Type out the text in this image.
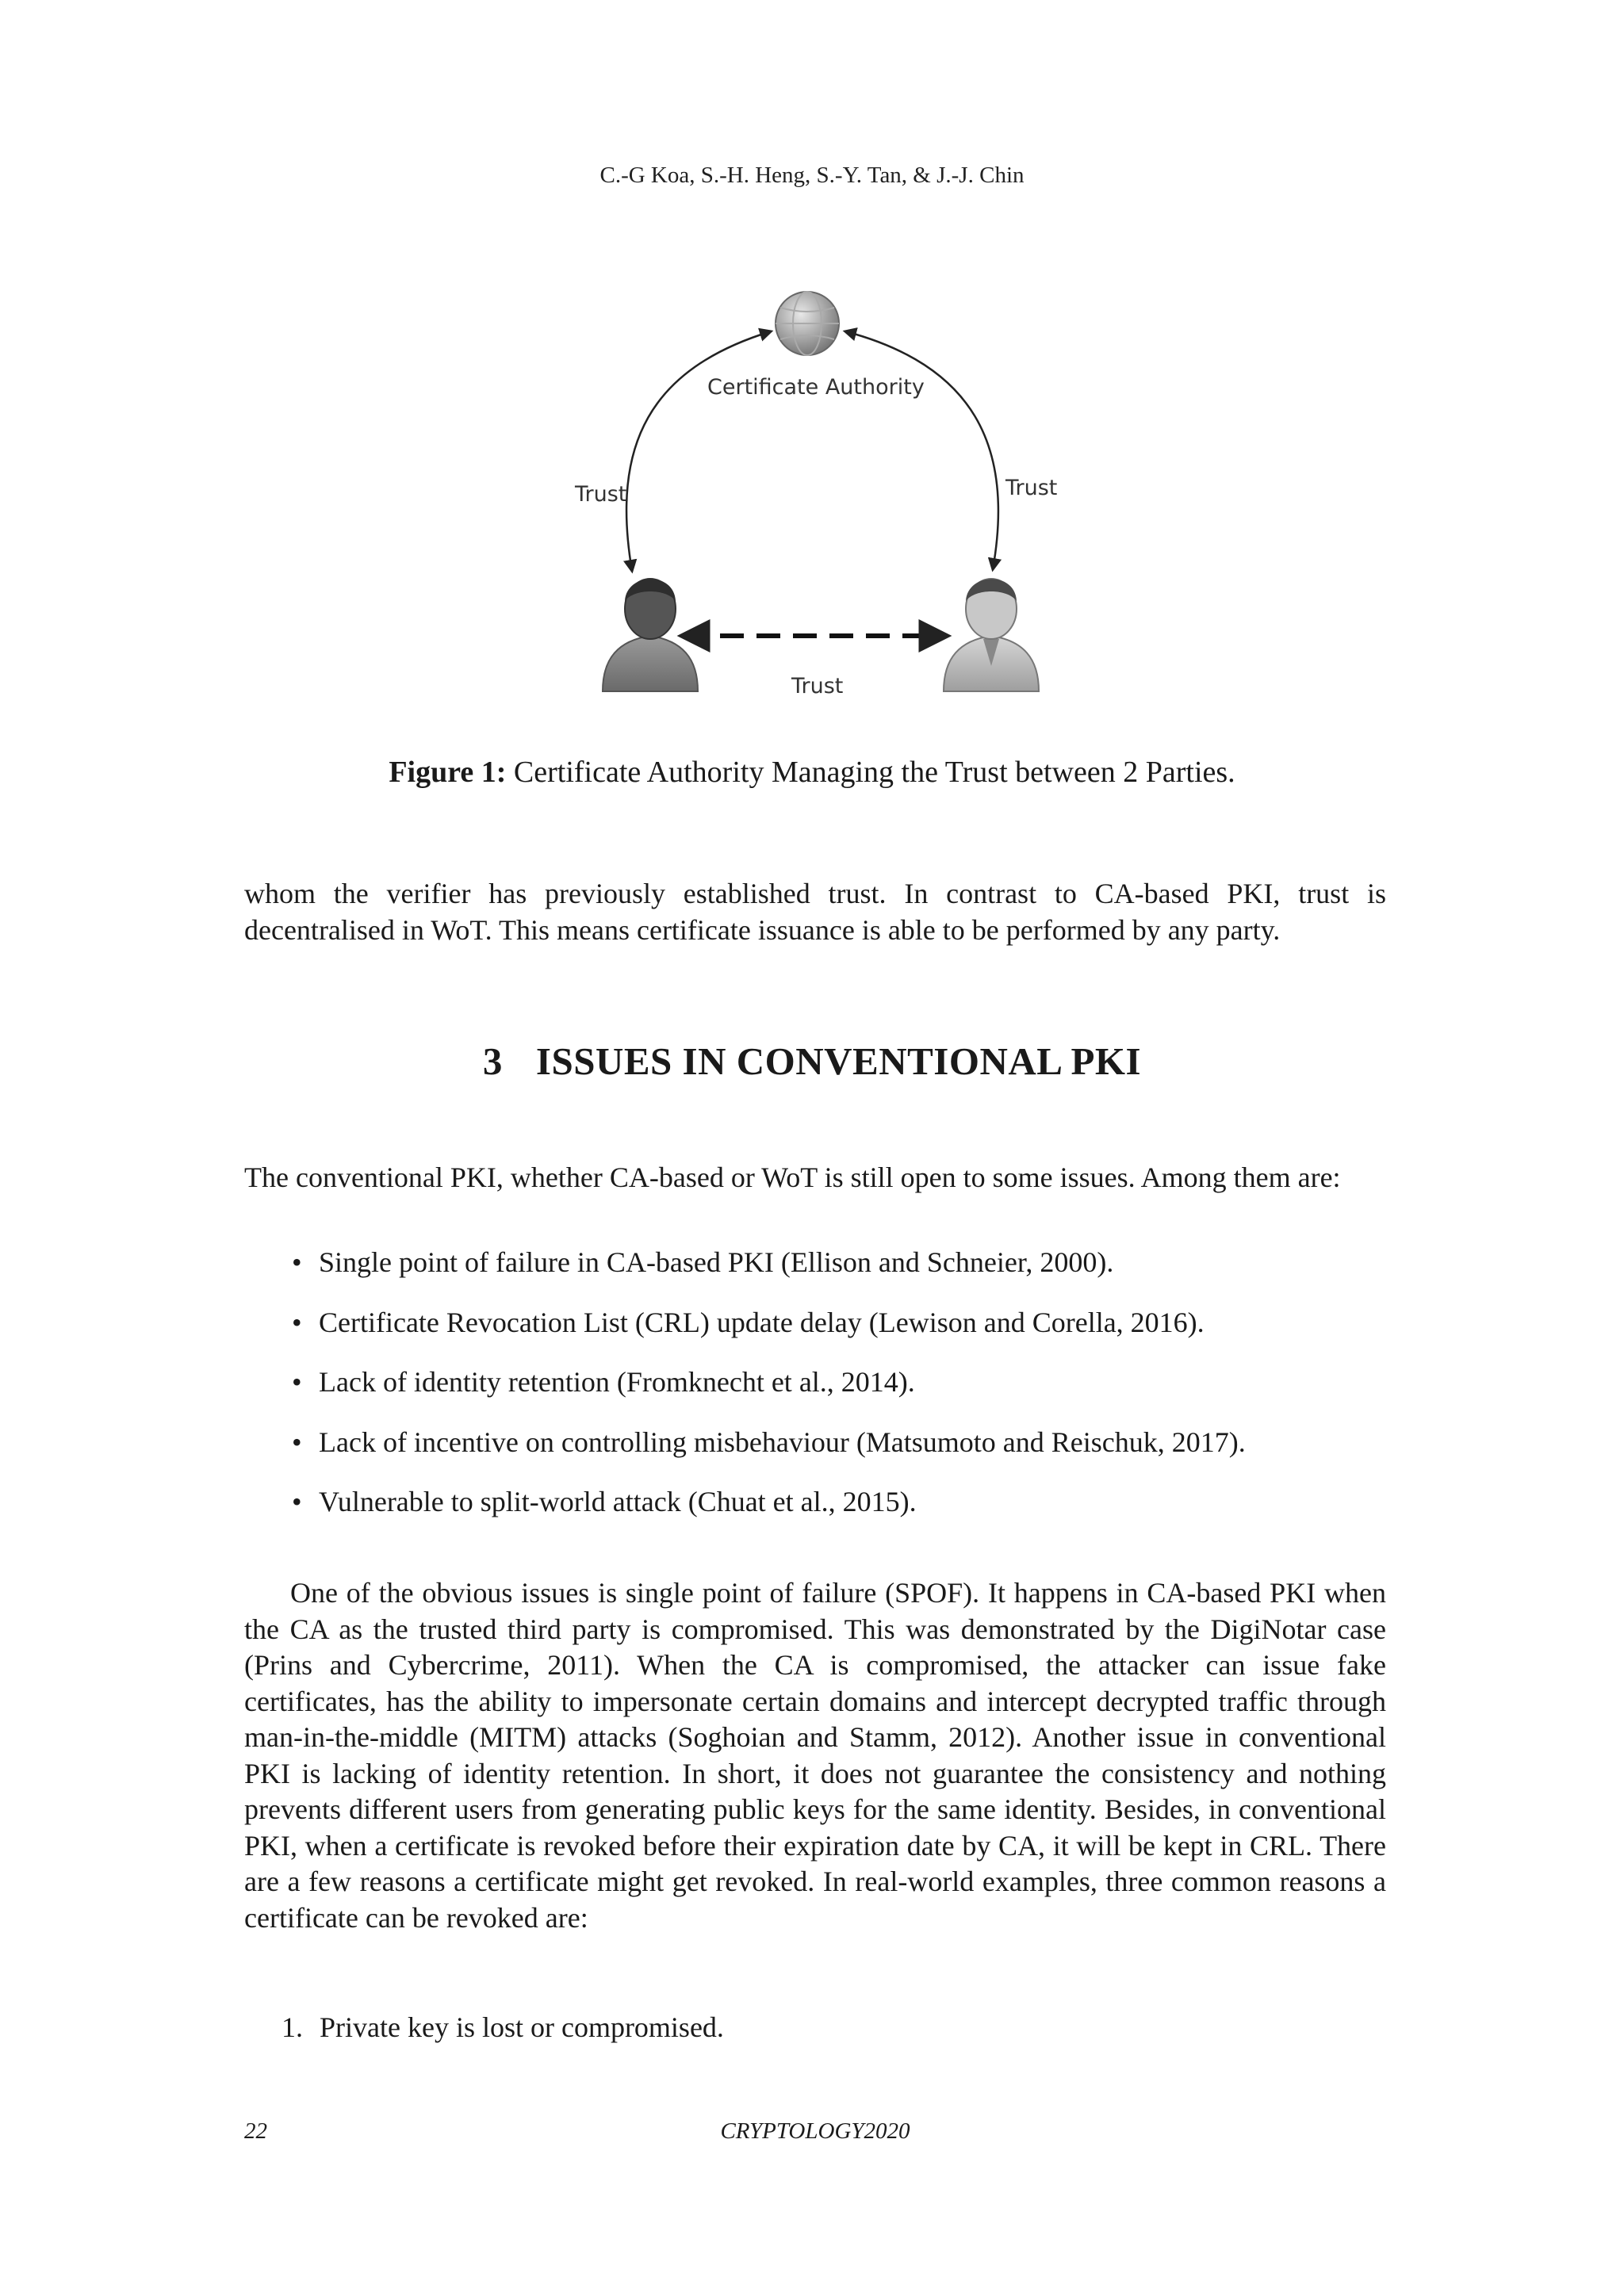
C.-G Koa, S.-H. Heng, S.-Y. Tan, & J.-J. Chin
Certificate Authority
Trust	Trust
Trust
Figure 1: Certificate Authority Managing the Trust between 2 Parties.

whom the verifier has previously established trust. In contrast to CA-based PKI, trust is decentralised in WoT. This means certificate issuance is able to be performed by any party.

3 ISSUES IN CONVENTIONAL PKI

The conventional PKI, whether CA-based or WoT is still open to some issues. Among them are:

• Single point of failure in CA-based PKI (Ellison and Schneier, 2000).
• Certificate Revocation List (CRL) update delay (Lewison and Corella, 2016).
• Lack of identity retention (Fromknecht et al., 2014).
• Lack of incentive on controlling misbehaviour (Matsumoto and Reischuk, 2017).
• Vulnerable to split-world attack (Chuat et al., 2015).

One of the obvious issues is single point of failure (SPOF). It happens in CA-based PKI when the CA as the trusted third party is compromised. This was demonstrated by the DigiNotar case (Prins and Cybercrime, 2011). When the CA is compromised, the attacker can issue fake certificates, has the ability to impersonate certain domains and intercept decrypted traffic through man-in-the-middle (MITM) attacks (Soghoian and Stamm, 2012). Another issue in conventional PKI is lacking of identity retention. In short, it does not guarantee the consistency and nothing prevents different users from generating public keys for the same identity. Besides, in conventional PKI, when a certificate is revoked before their expiration date by CA, it will be kept in CRL. There are a few reasons a certificate might get revoked. In real-world examples, three common reasons a certificate can be revoked are:

1. Private key is lost or compromised.
22	CRYPTOLOGY2020
